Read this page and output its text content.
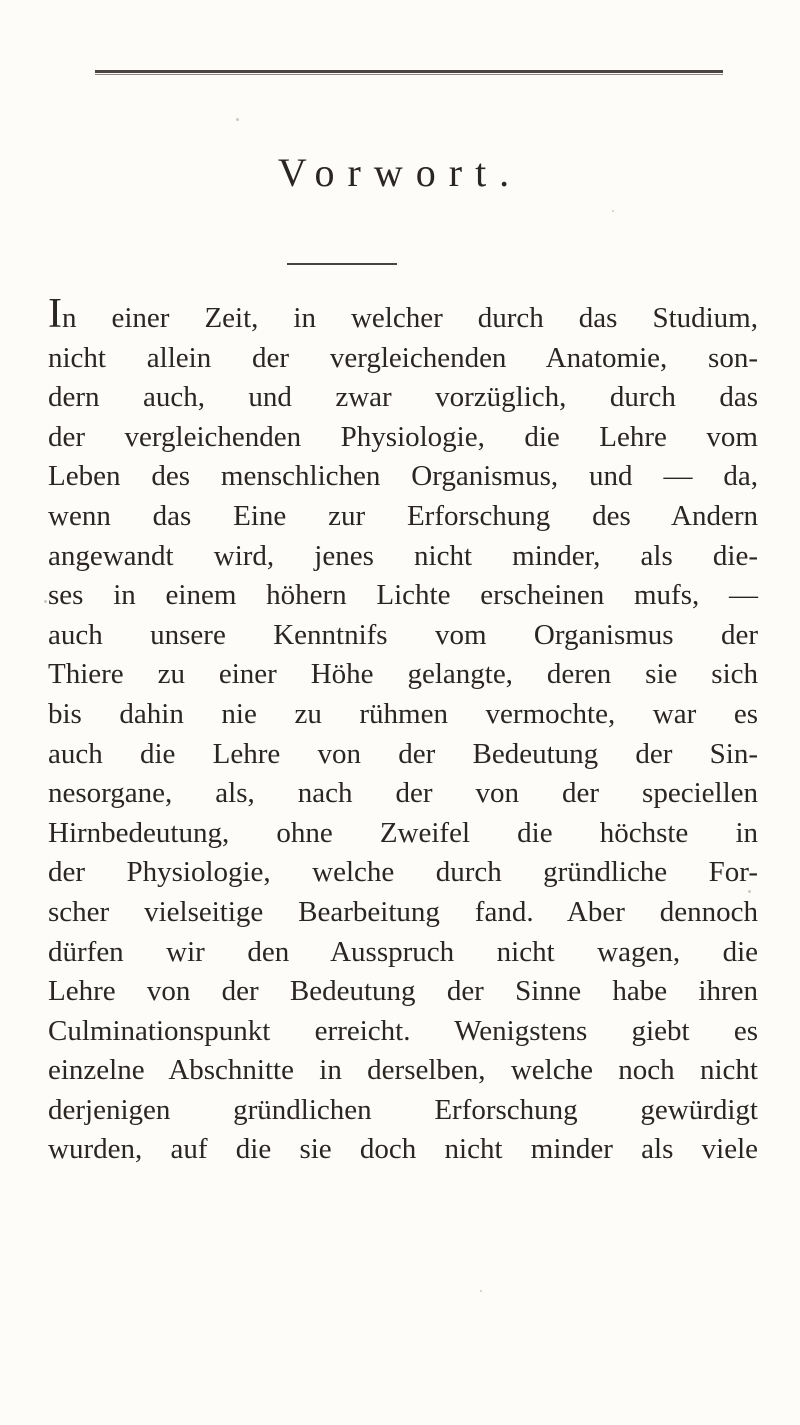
Vorwort.
In einer Zeit, in welcher durch das Studium,
nicht allein der vergleichenden Anatomie, son-
dern auch, und zwar vorzüglich, durch das
der vergleichenden Physiologie, die Lehre vom
Leben des menschlichen Organismus, und — da,
wenn das Eine zur Erforschung des Andern
angewandt wird, jenes nicht minder, als die-
ses in einem höhern Lichte erscheinen mufs, —
auch unsere Kenntnifs vom Organismus der
Thiere zu einer Höhe gelangte, deren sie sich
bis dahin nie zu rühmen vermochte, war es
auch die Lehre von der Bedeutung der Sin-
nesorgane, als, nach der von der speciellen
Hirnbedeutung, ohne Zweifel die höchste in
der Physiologie, welche durch gründliche For-
scher vielseitige Bearbeitung fand. Aber dennoch
dürfen wir den Ausspruch nicht wagen, die
Lehre von der Bedeutung der Sinne habe ihren
Culminationspunkt erreicht. Wenigstens giebt es
einzelne Abschnitte in derselben, welche noch nicht
derjenigen gründlichen Erforschung gewürdigt
wurden, auf die sie doch nicht minder als viele
